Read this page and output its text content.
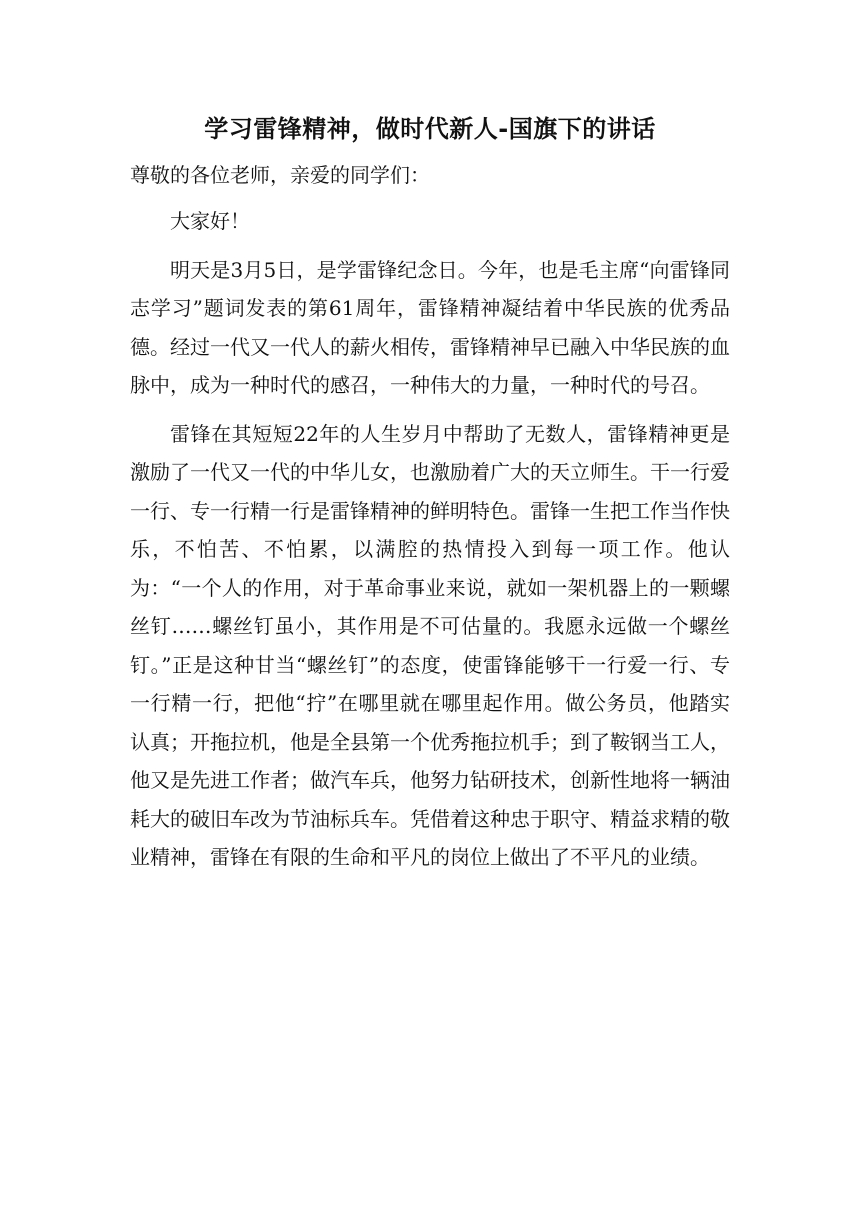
学习雷锋精神，做时代新人-国旗下的讲话

尊敬的各位老师，亲爱的同学们：

大家好！

明天是3月5日，是学雷锋纪念日。今年，也是毛主席“向雷锋同志学习”题词发表的第61周年，雷锋精神凝结着中华民族的优秀品德。经过一代又一代人的薪火相传，雷锋精神早已融入中华民族的血脉中，成为一种时代的感召，一种伟大的力量，一种时代的号召。

雷锋在其短短22年的人生岁月中帮助了无数人，雷锋精神更是激励了一代又一代的中华儿女，也激励着广大的天立师生。干一行爱一行、专一行精一行是雷锋精神的鲜明特色。雷锋一生把工作当作快乐，不怕苦、不怕累，以满腔的热情投入到每一项工作。他认为：“一个人的作用，对于革命事业来说，就如一架机器上的一颗螺丝钉……螺丝钉虽小，其作用是不可估量的。我愿永远做一个螺丝钉。”正是这种甘当“螺丝钉”的态度，使雷锋能够干一行爱一行、专一行精一行，把他“拧”在哪里就在哪里起作用。做公务员，他踏实认真；开拖拉机，他是全县第一个优秀拖拉机手；到了鞍钢当工人，他又是先进工作者；做汽车兵，他努力钻研技术，创新性地将一辆油耗大的破旧车改为节油标兵车。凭借着这种忠于职守、精益求精的敬业精神，雷锋在有限的生命和平凡的岗位上做出了不平凡的业绩。
